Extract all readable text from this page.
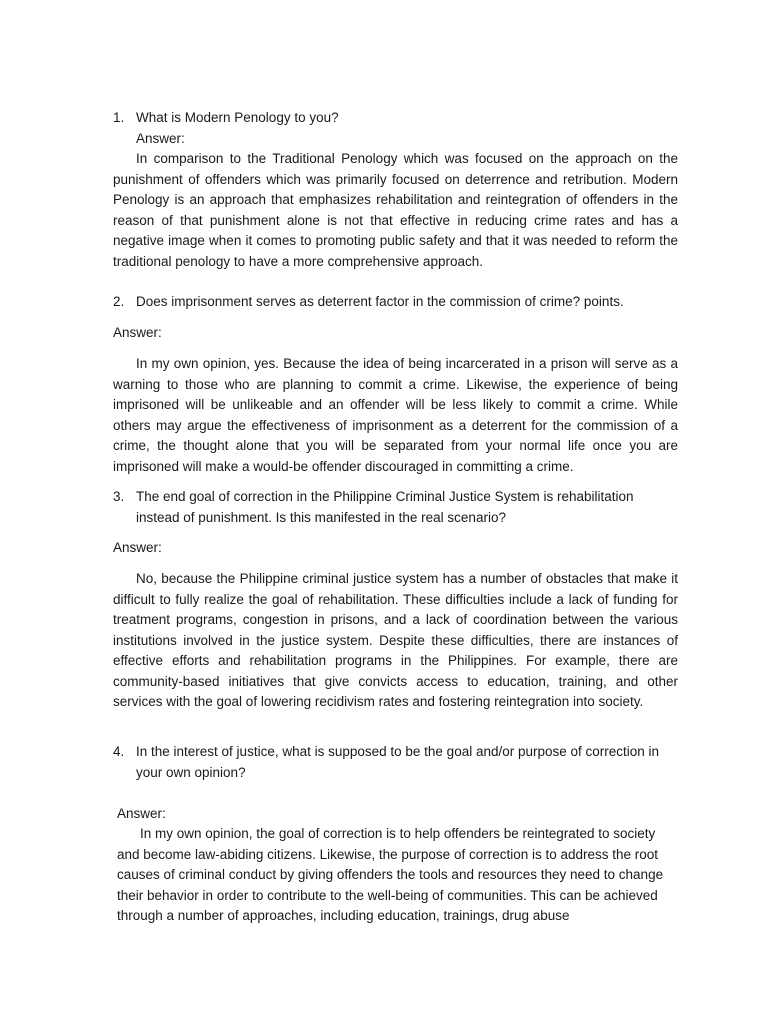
1. What is Modern Penology to you?
Answer:

In comparison to the Traditional Penology which was focused on the approach on the punishment of offenders which was primarily focused on deterrence and retribution. Modern Penology is an approach that emphasizes rehabilitation and reintegration of offenders in the reason of that punishment alone is not that effective in reducing crime rates and has a negative image when it comes to promoting public safety and that it was needed to reform the traditional penology to have a more comprehensive approach.

2. Does imprisonment serves as deterrent factor in the commission of crime? points.
Answer:

In my own opinion, yes. Because the idea of being incarcerated in a prison will serve as a warning to those who are planning to commit a crime. Likewise, the experience of being imprisoned will be unlikeable and an offender will be less likely to commit a crime. While others may argue the effectiveness of imprisonment as a deterrent for the commission of a crime, the thought alone that you will be separated from your normal life once you are imprisoned will make a would-be offender discouraged in committing a crime.

3. The end goal of correction in the Philippine Criminal Justice System is rehabilitation instead of punishment. Is this manifested in the real scenario?
Answer:

No, because the Philippine criminal justice system has a number of obstacles that make it difficult to fully realize the goal of rehabilitation. These difficulties include a lack of funding for treatment programs, congestion in prisons, and a lack of coordination between the various institutions involved in the justice system. Despite these difficulties, there are instances of effective efforts and rehabilitation programs in the Philippines. For example, there are community-based initiatives that give convicts access to education, training, and other services with the goal of lowering recidivism rates and fostering reintegration into society.

4. In the interest of justice, what is supposed to be the goal and/or purpose of correction in your own opinion?
Answer:

In my own opinion, the goal of correction is to help offenders be reintegrated to society and become law-abiding citizens. Likewise, the purpose of correction is to address the root causes of criminal conduct by giving offenders the tools and resources they need to change their behavior in order to contribute to the well-being of communities. This can be achieved through a number of approaches, including education, trainings, drug abuse
